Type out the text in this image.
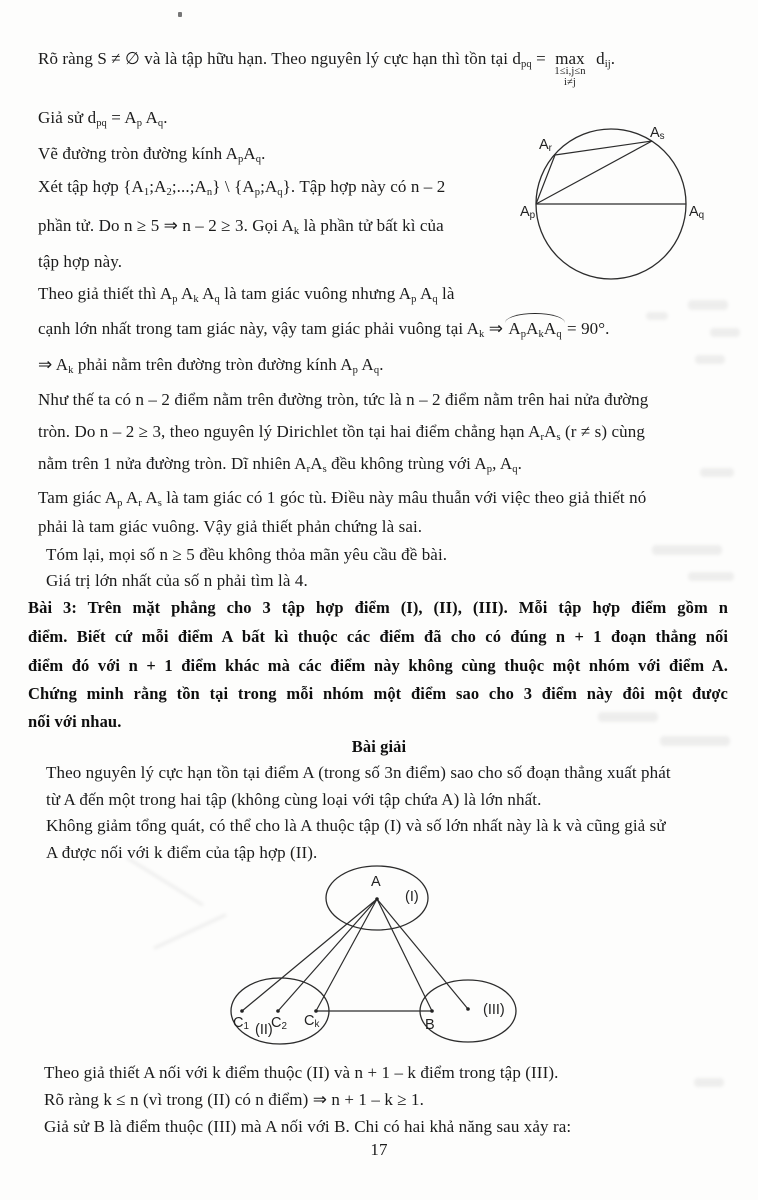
Rõ ràng S ≠ ∅ và là tập hữu hạn. Theo nguyên lý cực hạn thì tồn tại $d_{pq} = \max$
1≤i,j≤n
i≠j
$d_{ij}$.
Giả sử $d_{pq} = A_p$ $A_q$.
Vẽ đường tròn đường kính $A_pA_q$.
Xét tập hợp $\{A_1;A_2;...;A_n\}$ \ $\{A_p;A_q\}$. Tập hợp này có n – 2
phần tử. Do n ≥ 5 ⇒ n – 2 ≥ 3. Gọi $A_k$ là phần tử bất kì của
tập hợp này.
Theo giả thiết thì $A_p$ $A_k$ $A_q$ là tam giác vuông nhưng $A_p$ $A_q$ là
cạnh lớn nhất trong tam giác này, vậy tam giác phải vuông tại $A_k$ ⇒ $A_pA_kA_q = 90^\circ$.
⇒ $A_k$ phải nằm trên đường tròn đường kính $A_p$ $A_q$.
Như thế ta có n – 2 điểm nằm trên đường tròn, tức là n – 2 điểm nằm trên hai nửa đường
tròn. Do n – 2 ≥ 3, theo nguyên lý Dirichlet tồn tại hai điểm chẳng hạn $A_rA_s$ (r ≠ s) cùng
nằm trên 1 nửa đường tròn. Dĩ nhiên $A_rA_s$ đều không trùng với $A_p$, $A_q$.
Tam giác $A_p$ $A_r$ $A_s$ là tam giác có 1 góc tù. Điều này mâu thuẫn với việc theo giả thiết nó
phải là tam giác vuông. Vậy giả thiết phản chứng là sai.
Tóm lại, mọi số n ≥ 5 đều không thỏa mãn yêu cầu đề bài.
Giá trị lớn nhất của số n phải tìm là 4.
Bài 3: Trên mặt phẳng cho 3 tập hợp điểm (I), (II), (III). Mỗi tập hợp điểm gồm n
điểm. Biết cứ mỗi điểm A bất kì thuộc các điểm đã cho có đúng n + 1 đoạn thẳng nối
điểm đó với n + 1 điểm khác mà các điểm này không cùng thuộc một nhóm với điểm A.
Chứng minh rằng tồn tại trong mỗi nhóm một điểm sao cho 3 điểm này đôi một được
nối với nhau.
Bài giải
Theo nguyên lý cực hạn tồn tại điểm A (trong số 3n điểm) sao cho số đoạn thẳng xuất phát
từ A đến một trong hai tập (không cùng loại với tập chứa A) là lớn nhất.
Không giảm tổng quát, có thể cho là A thuộc tập (I) và số lớn nhất này là k và cũng giả sử
A được nối với k điểm của tập hợp (II).
Theo giả thiết A nối với k điểm thuộc (II) và n + 1 – k điểm trong tập (III).
Rõ ràng k ≤ n (vì trong (II) có n điểm) ⇒ n + 1 – k ≥ 1.
Giả sử B là điểm thuộc (III) mà A nối với B. Chi có hai khả năng sau xảy ra:
17
$A_r$
$A_s$
$A_p$	$A_q$
A
(I)
$C_1$ (II)
$C_2$ $C_k$	B
(III)
